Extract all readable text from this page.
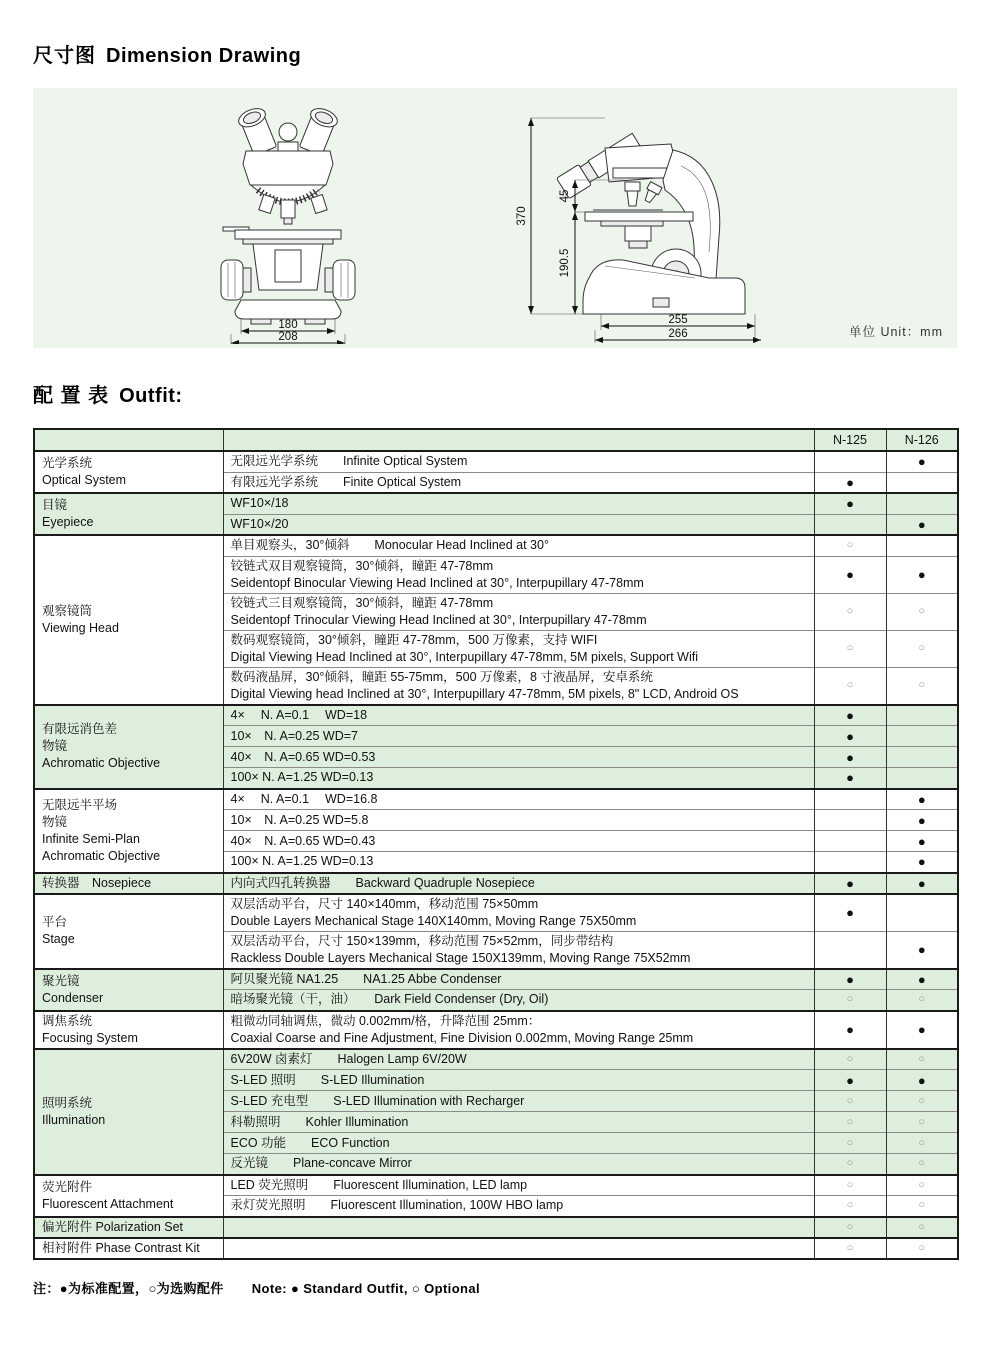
尺寸图 Dimension Drawing
180
208
370
45
190.5
255
266	单位 Unit：mm
配 置 表 Outfit:
		N-125	N-126
光学系统
Optical System	无限远光学系统　　Infinite Optical System		●
	有限远光学系统　　Finite Optical System	●	
目镜
Eyepiece	WF10×/18	●	
	WF10×/20		●
观察镜筒
Viewing Head	单目观察头，30°倾斜　　Monocular Head Inclined at 30°	○	
	铰链式双目观察镜筒，30°倾斜，瞳距 47-78mm
Seidentopf Binocular Viewing Head Inclined at 30°, Interpupillary 47-78mm	●	●
	铰链式三目观察镜筒，30°倾斜，瞳距 47-78mm
Seidentopf Trinocular Viewing Head Inclined at 30°, Interpupillary 47-78mm	○	○
	数码观察镜筒，30°倾斜，瞳距 47-78mm，500 万像素，支持 WIFI
Digital Viewing Head Inclined at 30°, Interpupillary 47-78mm, 5M pixels, Support Wifi	○	○
	数码液晶屏，30°倾斜，瞳距 55-75mm，500 万像素，8 寸液晶屏，安卓系统
Digital Viewing head Inclined at 30°, Interpupillary 47-78mm, 5M pixels, 8" LCD, Android OS	○	○
有限远消色差
物镜
Achromatic Objective	4×　 N. A=0.1　 WD=18	●	
	10×　N. A=0.25 WD=7	●	
	40×　N. A=0.65 WD=0.53	●	
	100× N. A=1.25 WD=0.13	●	
无限远半平场
物镜
Infinite Semi-Plan
Achromatic Objective	4×　 N. A=0.1　 WD=16.8		●
	10×　N. A=0.25 WD=5.8		●
	40×　N. A=0.65 WD=0.43		●
	100× N. A=1.25 WD=0.13		●
转换器　Nosepiece	内向式四孔转换器　　Backward Quadruple Nosepiece	●	●
平台
Stage	双层活动平台，尺寸 140×140mm，移动范围 75×50mm
Double Layers Mechanical Stage 140X140mm, Moving Range 75X50mm	●	
	双层活动平台，尺寸 150×139mm，移动范围 75×52mm，同步带结构
Rackless Double Layers Mechanical Stage 150X139mm, Moving Range 75X52mm		●
聚光镜
Condenser	阿贝聚光镜 NA1.25　　NA1.25 Abbe Condenser	●	●
	暗场聚光镜（干，油）　　Dark Field Condenser (Dry, Oil)	○	○
调焦系统
Focusing System	粗微动同轴调焦，微动 0.002mm/格，升降范围 25mm：
Coaxial Coarse and Fine Adjustment, Fine Division 0.002mm, Moving Range 25mm	●	●
照明系统
Illumination	6V20W 卤素灯　　Halogen Lamp 6V/20W	○	○
	S-LED 照明　　S-LED Illumination	●	●
	S-LED 充电型　　S-LED Illumination with Recharger	○	○
	科勒照明　　Kohler Illumination	○	○
	ECO 功能　　ECO Function	○	○
	反光镜　　Plane-concave Mirror	○	○
荧光附件
Fluorescent Attachment	LED 荧光照明　　Fluorescent Illumination, LED lamp	○	○
	汞灯荧光照明　　Fluorescent Illumination, 100W HBO lamp	○	○
偏光附件 Polarization Set		○	○
相衬附件 Phase Contrast Kit		○	○
注：●为标准配置，○为选购配件 Note: ● Standard Outfit, ○ Optional
